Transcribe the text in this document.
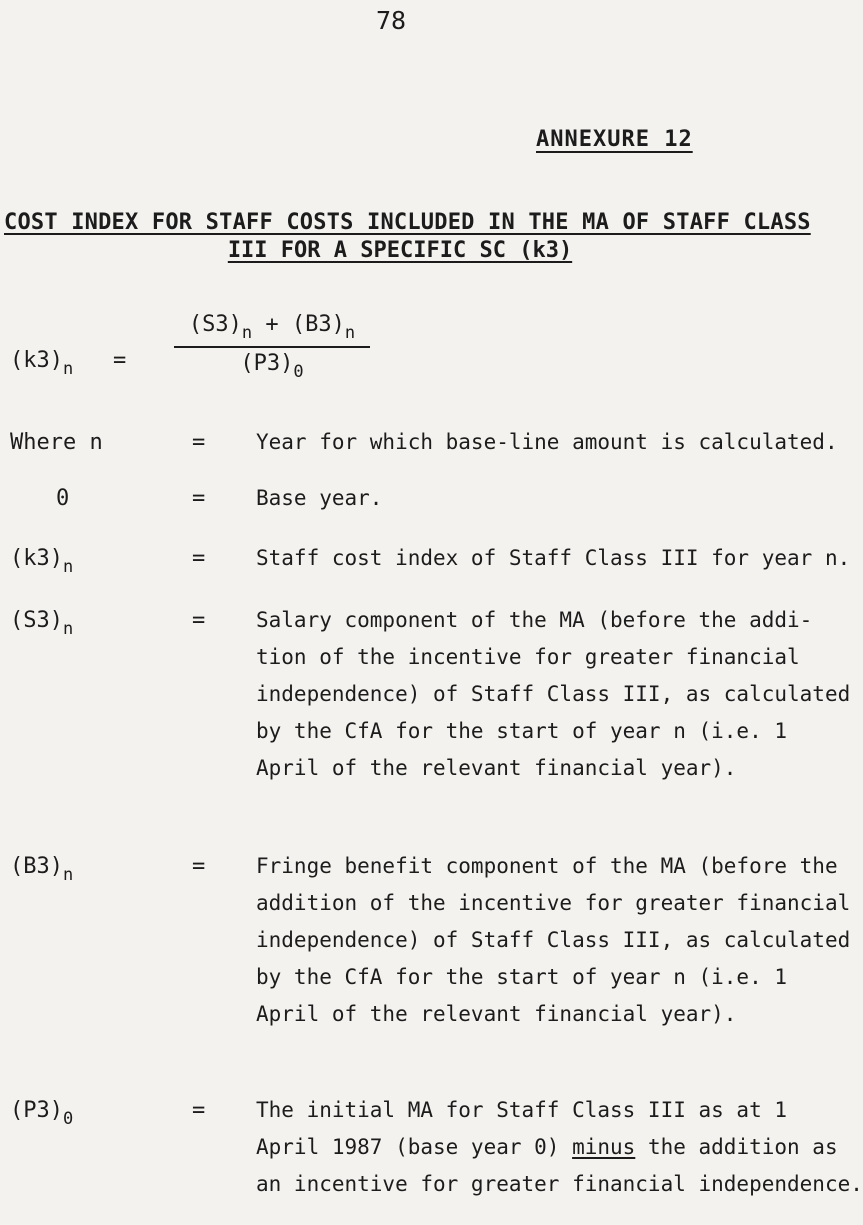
78
ANNEXURE 12
COST INDEX FOR STAFF COSTS INCLUDED IN THE MA OF STAFF CLASS
III FOR A SPECIFIC SC (k3)
$(k3)_n$ =
$(S3)_n + (B3)_n$
$(P3)_0$
Where n	= Year for which base-line amount is calculated.
0	= Base year.
$(k3)_n$	= Staff cost index of Staff Class III for year n.
$(S3)_n$	= Salary component of the MA (before the addi-
tion of the incentive for greater financial
independence) of Staff Class III, as calculated
by the CfA for the start of year n (i.e. 1
April of the relevant financial year).
$(B3)_n$	= Fringe benefit component of the MA (before the
addition of the incentive for greater financial
independence) of Staff Class III, as calculated
by the CfA for the start of year n (i.e. 1
April of the relevant financial year).
$(P3)_0$	= The initial MA for Staff Class III as at 1
April 1987 (base year 0) minus the addition as
an incentive for greater financial independence.
